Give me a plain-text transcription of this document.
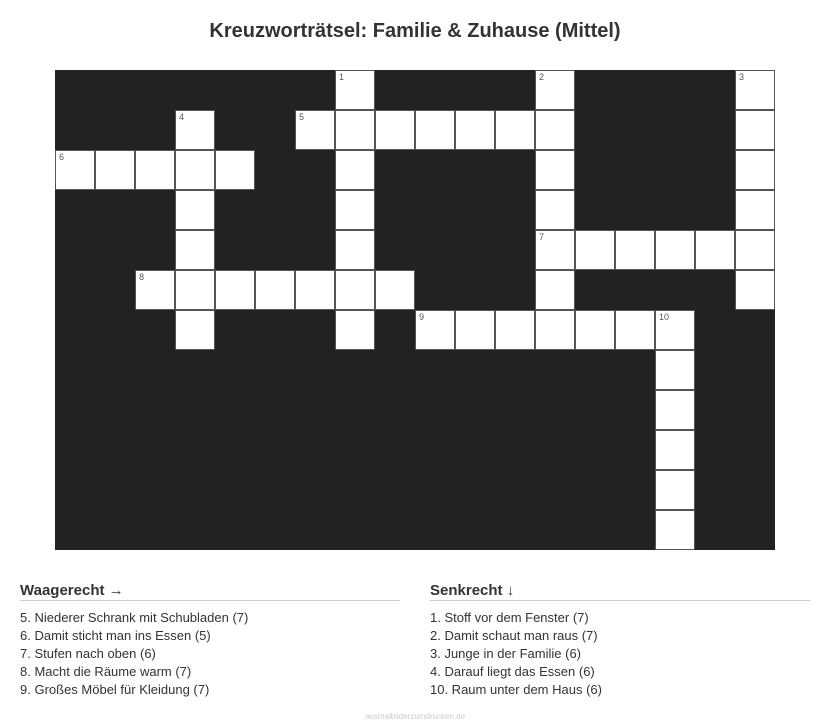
Kreuzworträtsel: Familie & Zuhause (Mittel)
1	2	3
4	5
6
7
8
9	10
Waagerecht →
5. Niederer Schrank mit Schubladen (7)
6. Damit sticht man ins Essen (5)
7. Stufen nach oben (6)
8. Macht die Räume warm (7)
9. Großes Möbel für Kleidung (7)
Senkrecht ↓
1. Stoff vor dem Fenster (7)
2. Damit schaut man raus (7)
3. Junge in der Familie (6)
4. Darauf liegt das Essen (6)
10. Raum unter dem Haus (6)
ausmalbilderzumdrucken.de
